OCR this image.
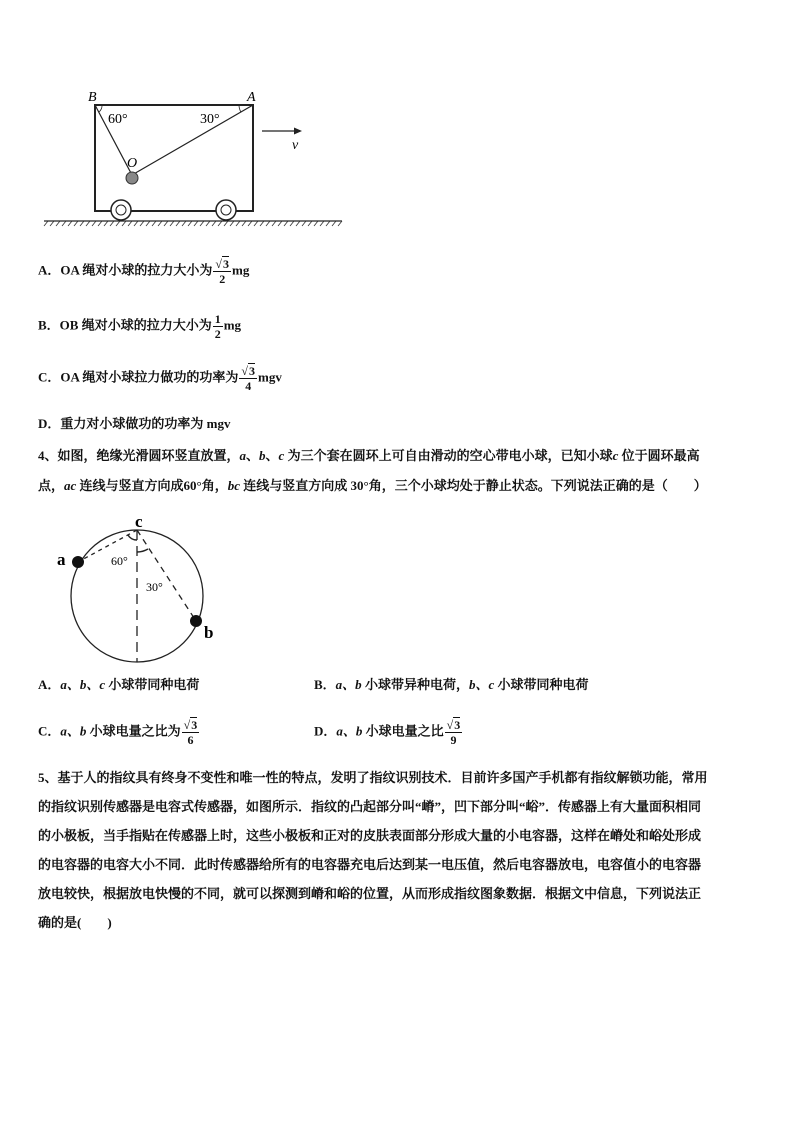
B	A
O
v
60°	30°
A．OA 绳对小球的拉力大小为 $\frac{√3}{2}$ mg
B．OB 绳对小球的拉力大小为 $\frac{1}{2}$ mg
C．OA 绳对小球拉力做功的功率为 $\frac{√3}{4}$ mgv
D．重力对小球做功的功率为 mgv
4、如图，绝缘光滑圆环竖直放置，a、b、c 为三个套在圆环上可自由滑动的空心带电小球，已知小球c 位于圆环最高
点，ac 连线与竖直方向成60°角，bc 连线与竖直方向成 30°角，三个小球均处于静止状态。下列说法正确的是（　　）
c
a
b
60°
30°
A．a、b、c 小球带同种电荷	B．a、b 小球带异种电荷，b、c 小球带同种电荷
C．a、b 小球电量之比为 $\frac{√3}{6}$	D．a、b 小球电量之比 $\frac{√3}{9}$
5、基于人的指纹具有终身不变性和唯一性的特点，发明了指纹识别技术．目前许多国产手机都有指纹解锁功能，常用
的指纹识别传感器是电容式传感器，如图所示．指纹的凸起部分叫“嵴”，凹下部分叫“峪”．传感器上有大量面积相同
的小极板，当手指贴在传感器上时，这些小极板和正对的皮肤表面部分形成大量的小电容器，这样在嵴处和峪处形成
的电容器的电容大小不同．此时传感器给所有的电容器充电后达到某一电压值，然后电容器放电，电容值小的电容器
放电较快，根据放电快慢的不同，就可以探测到嵴和峪的位置，从而形成指纹图象数据．根据文中信息，下列说法正
确的是(　　)
